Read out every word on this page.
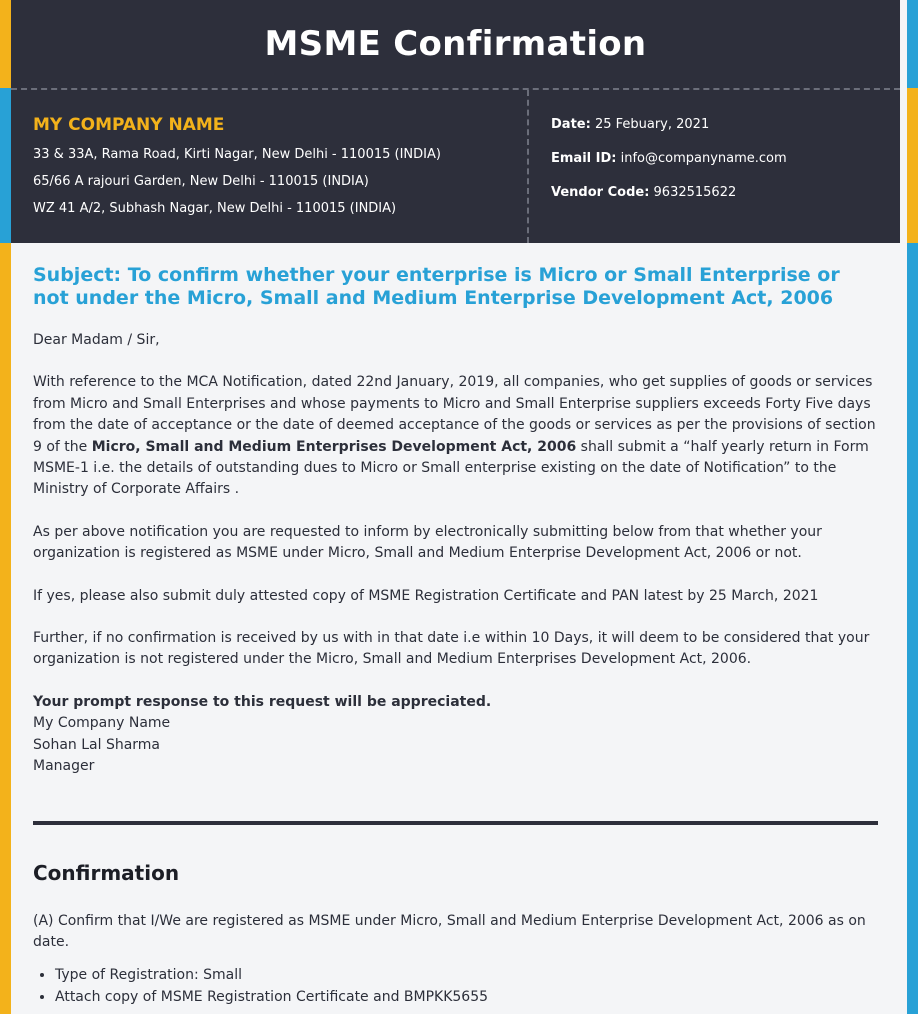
MSME Confirmation
MY COMPANY NAME
33 & 33A, Rama Road, Kirti Nagar, New Delhi - 110015 (INDIA)
65/66 A rajouri Garden, New Delhi - 110015 (INDIA)
WZ 41 A/2, Subhash Nagar, New Delhi - 110015 (INDIA)
Date: 25 Febuary, 2021
Email ID: info@companyname.com
Vendor Code: 9632515622
Subject: To confirm whether your enterprise is Micro or Small Enterprise or not under the Micro, Small and Medium Enterprise Development Act, 2006

Dear Madam / Sir,

With reference to the MCA Notification, dated 22nd January, 2019, all companies, who get supplies of goods or services from Micro and Small Enterprises and whose payments to Micro and Small Enterprise suppliers exceeds Forty Five days from the date of acceptance or the date of deemed acceptance of the goods or services as per the provisions of section 9 of the Micro, Small and Medium Enterprises Development Act, 2006 shall submit a “half yearly return in Form MSME-1 i.e. the details of outstanding dues to Micro or Small enterprise existing on the date of Notification” to the Ministry of Corporate Affairs .

As per above notification you are requested to inform by electronically submitting below from that whether your organization is registered as MSME under Micro, Small and Medium Enterprise Development Act, 2006 or not.

If yes, please also submit duly attested copy of MSME Registration Certificate and PAN latest by 25 March, 2021

Further, if no confirmation is received by us with in that date i.e within 10 Days, it will deem to be considered that your organization is not registered under the Micro, Small and Medium Enterprises Development Act, 2006.

Your prompt response to this request will be appreciated.
My Company Name
Sohan Lal Sharma
Manager
Confirmation

(A) Confirm that I/We are registered as MSME under Micro, Small and Medium Enterprise Development Act, 2006 as on date.

• Type of Registration: Small
• Attach copy of MSME Registration Certificate and BMPKK5655
